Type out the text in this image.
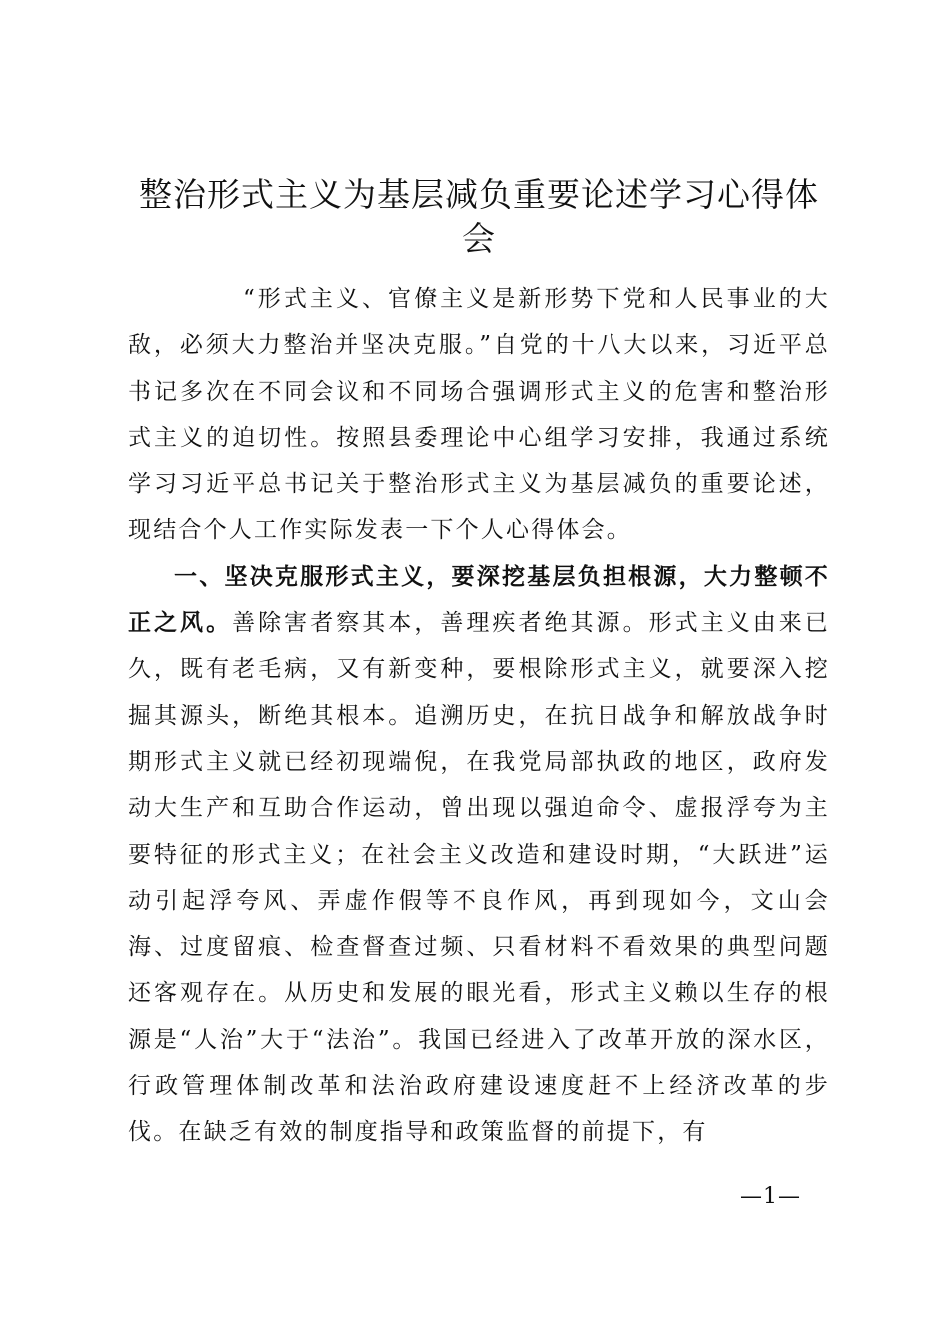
整治形式主义为基层减负重要论述学习心得体会

“形式主义、官僚主义是新形势下党和人民事业的大敌，必须大力整治并坚决克服。”自党的十八大以来，习近平总书记多次在不同会议和不同场合强调形式主义的危害和整治形式主义的迫切性。按照县委理论中心组学习安排，我通过系统学习习近平总书记关于整治形式主义为基层减负的重要论述，现结合个人工作实际发表一下个人心得体会。

一、坚决克服形式主义，要深挖基层负担根源，大力整顿不正之风。善除害者察其本，善理疾者绝其源。形式主义由来已久，既有老毛病，又有新变种，要根除形式主义，就要深入挖掘其源头，断绝其根本。追溯历史，在抗日战争和解放战争时期形式主义就已经初现端倪，在我党局部执政的地区，政府发动大生产和互助合作运动，曾出现以强迫命令、虚报浮夸为主要特征的形式主义；在社会主义改造和建设时期，“大跃进”运动引起浮夸风、弄虚作假等不良作风，再到现如今，文山会海、过度留痕、检查督查过频、只看材料不看效果的典型问题还客观存在。从历史和发展的眼光看，形式主义赖以生存的根源是“人治”大于“法治”。我国已经进入了改革开放的深水区，行政管理体制改革和法治政府建设速度赶不上经济改革的步伐。在缺乏有效的制度指导和政策监督的前提下，有

—1—
